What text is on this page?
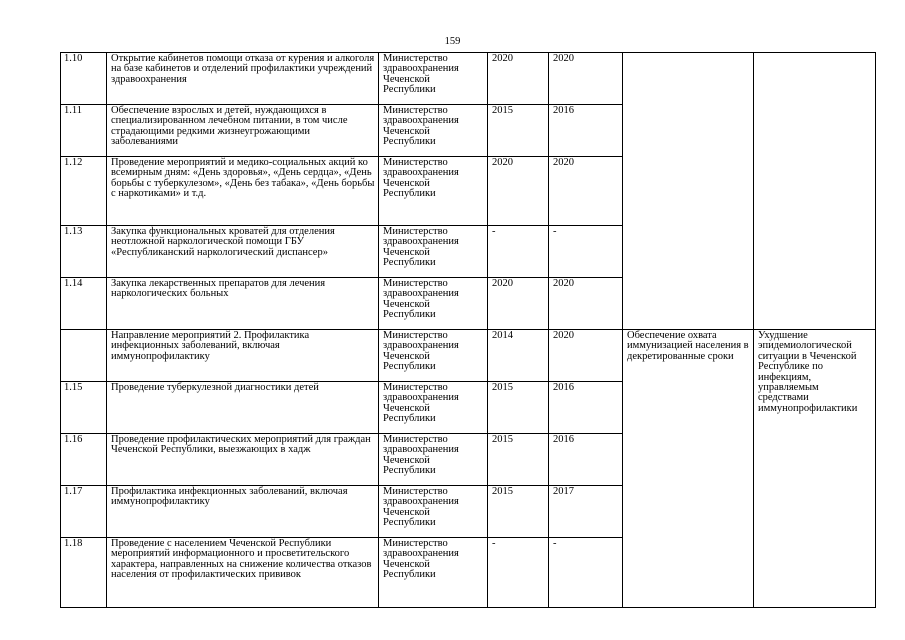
159
1.10	Открытие кабинетов помощи отказа от курения и алкоголя на базе кабинетов и отделений профилактики учреждений здравоохранения	Министерство здравоохранения Чеченской Республики	2020	2020		
1.11	Обеспечение взрослых и детей, нуждающихся в специализированном лечебном питании, в том числе страдающими редкими жизнеугрожающими заболеваниями	Министерство здравоохранения Чеченской Республики	2015	2016		
1.12	Проведение мероприятий и медико-социальных акций ко всемирным дням: «День здоровья», «День сердца», «День борьбы с туберкулезом», «День без табака», «День борьбы с наркотиками» и т.д.	Министерство здравоохранения Чеченской Республики	2020	2020		
1.13	Закупка функциональных кроватей для отделения неотложной наркологической помощи ГБУ «Республиканский наркологический диспансер»	Министерство здравоохранения Чеченской Республики	-	-		
1.14	Закупка лекарственных препаратов для лечения наркологических больных	Министерство здравоохранения Чеченской Республики	2020	2020		
	Направление мероприятий 2. Профилактика инфекционных заболеваний, включая иммунопрофилактику	Министерство здравоохранения Чеченской Республики	2014	2020	Обеспечение охвата иммунизацией населения в декретированные сроки	Ухудшение эпидемиологической ситуации в Чеченской Республике по инфекциям, управляемым средствами иммунопрофилактики
1.15	Проведение туберкулезной диагностики детей	Министерство здравоохранения Чеченской Республики	2015	2016		
1.16	Проведение профилактических мероприятий для граждан Чеченской Республики, выезжающих в хадж	Министерство здравоохранения Чеченской Республики	2015	2016		
1.17	Профилактика инфекционных заболеваний, включая иммунопрофилактику	Министерство здравоохранения Чеченской Республики	2015	2017		
1.18	Проведение с населением Чеченской Республики мероприятий информационного и просветительского характера, направленных на снижение количества отказов населения от профилактических прививок	Министерство здравоохранения Чеченской Республики	-	-		
